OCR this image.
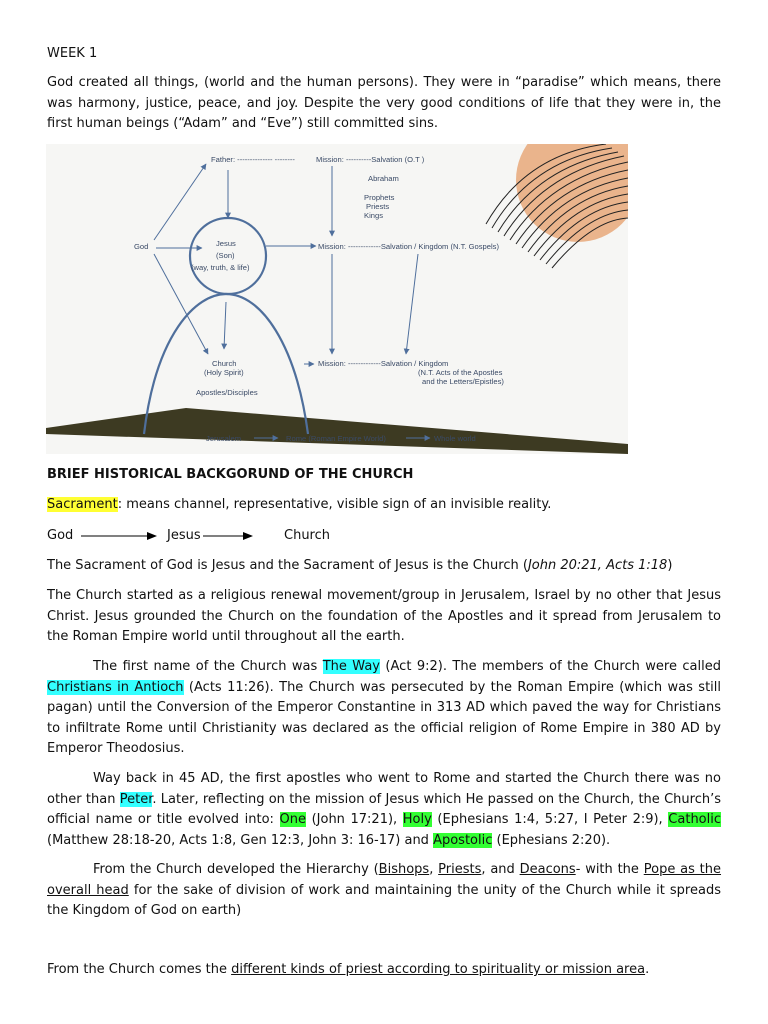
WEEK 1

God created all things, (world and the human persons). They were in “paradise” which means, there was harmony, justice, peace, and joy. Despite the very good conditions of life that they were in, the first human beings (“Adam” and “Eve”) still committed sins.

Father: -------------- --------	Mission: ----------Salvation (O.T )
Abraham
Prophets
Priests
Kings
God	Jesus
(Son)
(way, truth, & life)
Mission: -------------Salvation / Kingdom (N.T. Gospels)
Church
(Holy Spirit)
Apostles/Disciples
Mission: -------------Salvation / Kingdom
(N.T. Acts of the Apostles
and the Letters/Epistles)
Jerusalem	Rome (Roman Empire World)	Whole world

BRIEF HISTORICAL BACKGORUND OF THE CHURCH

Sacrament: means channel, representative, visible sign of an invisible reality.

God	Jesus	Church

The Sacrament of God is Jesus and the Sacrament of Jesus is the Church (John 20:21, Acts 1:18)

The Church started as a religious renewal movement/group in Jerusalem, Israel by no other that Jesus Christ. Jesus grounded the Church on the foundation of the Apostles and it spread from Jerusalem to the Roman Empire world until throughout all the earth.

The first name of the Church was The Way (Act 9:2). The members of the Church were called Christians in Antioch (Acts 11:26). The Church was persecuted by the Roman Empire (which was still pagan) until the Conversion of the Emperor Constantine in 313 AD which paved the way for Christians to infiltrate Rome until Christianity was declared as the official religion of Rome Empire in 380 AD by Emperor Theodosius.

Way back in 45 AD, the first apostles who went to Rome and started the Church there was no other than Peter. Later, reflecting on the mission of Jesus which He passed on the Church, the Church’s official name or title evolved into: One (John 17:21), Holy (Ephesians 1:4, 5:27, I Peter 2:9), Catholic (Matthew 28:18-20, Acts 1:8, Gen 12:3, John 3: 16-17) and Apostolic (Ephesians 2:20).

From the Church developed the Hierarchy (Bishops, Priests, and Deacons- with the Pope as the overall head for the sake of division of work and maintaining the unity of the Church while it spreads the Kingdom of God on earth)

From the Church comes the different kinds of priest according to spirituality or mission area.
